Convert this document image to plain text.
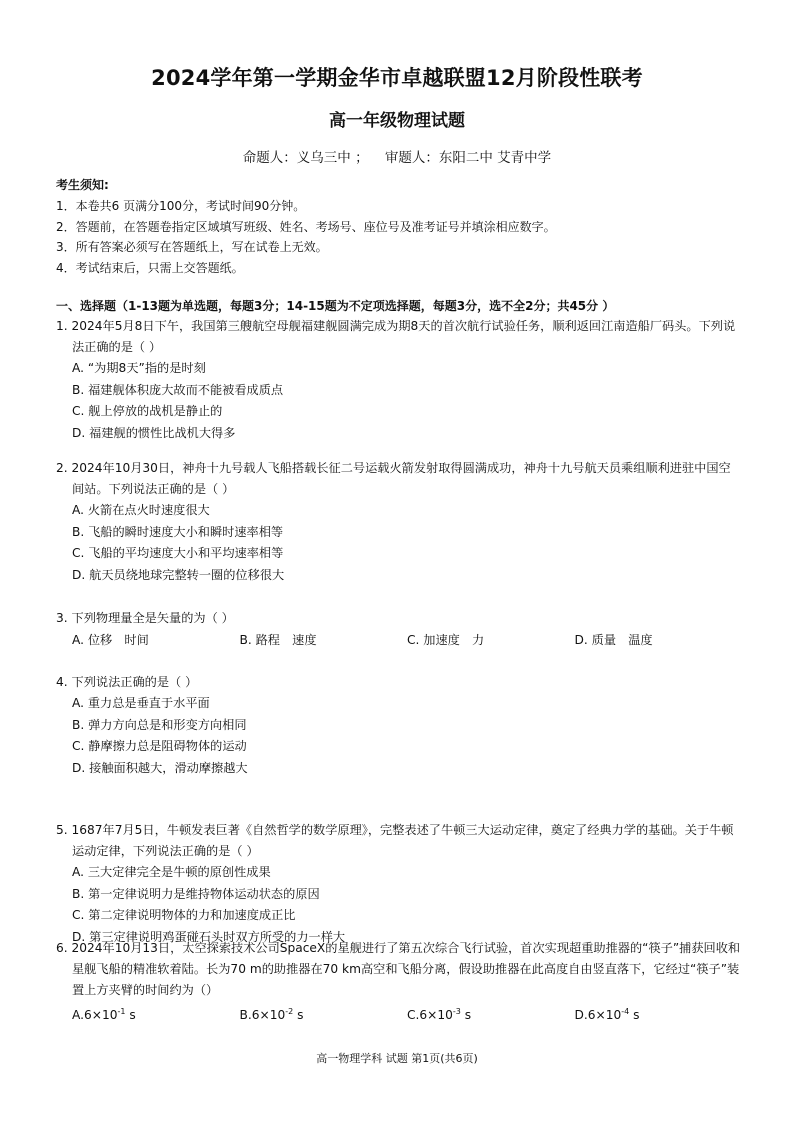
2024学年第一学期金华市卓越联盟12月阶段性联考
高一年级物理试题
命题人：义乌三中 ； 审题人：东阳二中 艾青中学
考生须知:
1．本卷共6 页满分100分，考试时间90分钟。
2．答题前，在答题卷指定区域填写班级、姓名、考场号、座位号及准考证号并填涂相应数字。
3．所有答案必须写在答题纸上，写在试卷上无效。
4．考试结束后，只需上交答题纸。
一、选择题（1-13题为单选题，每题3分；14-15题为不定项选择题，每题3分，选不全2分；共45分 ）
1. 2024年5月8日下午，我国第三艘航空母舰福建舰圆满完成为期8天的首次航行试验任务，顺利返回江南造船厂码头。下列说法正确的是（ ）
A. “为期8天”指的是时刻
B. 福建舰体积庞大故而不能被看成质点
C. 舰上停放的战机是静止的
D. 福建舰的惯性比战机大得多
2. 2024年10月30日，神舟十九号载人飞船搭载长征二号运载火箭发射取得圆满成功，神舟十九号航天员乘组顺利进驻中国空间站。下列说法正确的是（ ）
A. 火箭在点火时速度很大
B. 飞船的瞬时速度大小和瞬时速率相等
C. 飞船的平均速度大小和平均速率相等
D. 航天员绕地球完整转一圈的位移很大
3. 下列物理量全是矢量的为（ ）
A. 位移　时间	B. 路程　速度	C. 加速度　力	D. 质量　温度
4. 下列说法正确的是（ ）
A. 重力总是垂直于水平面
B. 弹力方向总是和形变方向相同
C. 静摩擦力总是阻碍物体的运动
D. 接触面积越大，滑动摩擦越大
5. 1687年7月5日，牛顿发表巨著《自然哲学的数学原理》，完整表述了牛顿三大运动定律，奠定了经典力学的基础。关于牛顿运动定律，下列说法正确的是（ ）
A. 三大定律完全是牛顿的原创性成果
B. 第一定律说明力是维持物体运动状态的原因
C. 第二定律说明物体的力和加速度成正比
D. 第三定律说明鸡蛋碰石头时双方所受的力一样大
6. 2024年10月13日，太空探索技术公司SpaceX的星舰进行了第五次综合飞行试验，首次实现超重助推器的“筷子”捕获回收和星舰飞船的精准软着陆。长为70 m的助推器在70 km高空和飞船分离，假设助推器在此高度自由竖直落下，它经过“筷子”装置上方夹臂的时间约为（）
$A.6\times 10^{-1}$ s	$B.6\times 10^{-2}$ s	$C.6\times 10^{-3}$ s	$D.6\times 10^{-4}$ s
高一物理学科 试题 第1页(共6页)
